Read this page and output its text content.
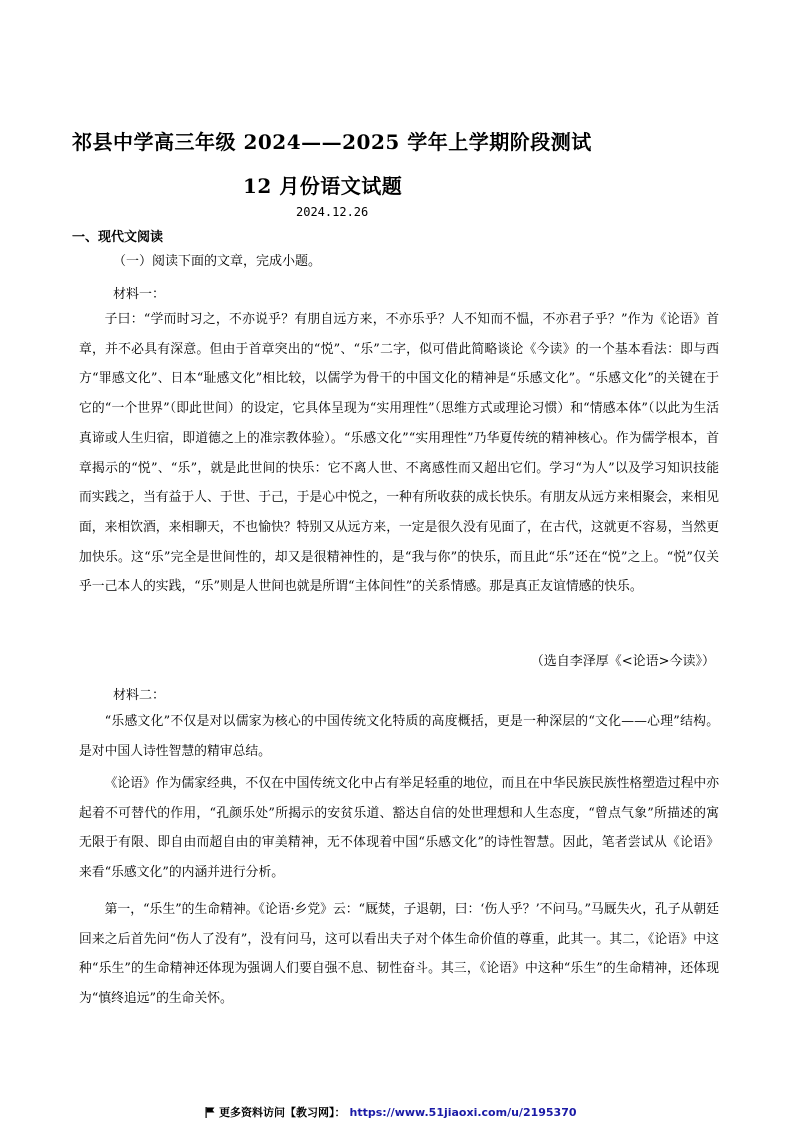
祁县中学高三年级 2024——2025 学年上学期阶段测试
12 月份语文试题
2024.12.26
一、现代文阅读
（一）阅读下面的文章，完成小题。
材料一：

子曰：“学而时习之，不亦说乎？有朋自远方来，不亦乐乎？人不知而不愠，不亦君子乎？”作为《论语》首章，并不必具有深意。但由于首章突出的“悦”、“乐”二字，似可借此简略谈论《今读》的一个基本看法：即与西方“罪感文化”、日本“耻感文化”相比较，以儒学为骨干的中国文化的精神是“乐感文化”。“乐感文化”的关键在于它的“一个世界”（即此世间）的设定，它具体呈现为“实用理性”（思维方式或理论习惯）和“情感本体”（以此为生活真谛或人生归宿，即道德之上的准宗教体验）。“乐感文化”“实用理性”乃华夏传统的精神核心。作为儒学根本，首章揭示的“悦”、“乐”，就是此世间的快乐：它不离人世、不离感性而又超出它们。学习“为人”以及学习知识技能而实践之，当有益于人、于世、于己，于是心中悦之，一种有所收获的成长快乐。有朋友从远方来相聚会，来相见面，来相饮酒，来相聊天，不也愉快？特别又从远方来，一定是很久没有见面了，在古代，这就更不容易，当然更加快乐。这“乐”完全是世间性的，却又是很精神性的，是“我与你”的快乐，而且此“乐”还在“悦”之上。“悦”仅关乎一己本人的实践，“乐”则是人世间也就是所谓“主体间性”的关系情感。那是真正友谊情感的快乐。

（选自李泽厚《<论语>今读》）
材料二：

“乐感文化”不仅是对以儒家为核心的中国传统文化特质的高度概括，更是一种深层的“文化——心理”结构。是对中国人诗性智慧的精审总结。

《论语》作为儒家经典，不仅在中国传统文化中占有举足轻重的地位，而且在中华民族民族性格塑造过程中亦起着不可替代的作用，“孔颜乐处”所揭示的安贫乐道、豁达自信的处世理想和人生态度，“曾点气象”所描述的寓无限于有限、即自由而超自由的审美精神，无不体现着中国“乐感文化”的诗性智慧。因此，笔者尝试从《论语》来看“乐感文化”的内涵并进行分析。

第一，“乐生”的生命精神。《论语·乡党》云：“厩焚，子退朝，曰：‘伤人乎？’不问马。”马厩失火，孔子从朝廷回来之后首先问“伤人了没有”，没有问马，这可以看出夫子对个体生命价值的尊重，此其一。其二，《论语》中这种“乐生”的生命精神还体现为强调人们要自强不息、韧性奋斗。其三，《论语》中这种“乐生”的生命精神，还体现为“慎终追远”的生命关怀。

更多资料访问【教习网】： https://www.51jiaoxi.com/u/2195370
